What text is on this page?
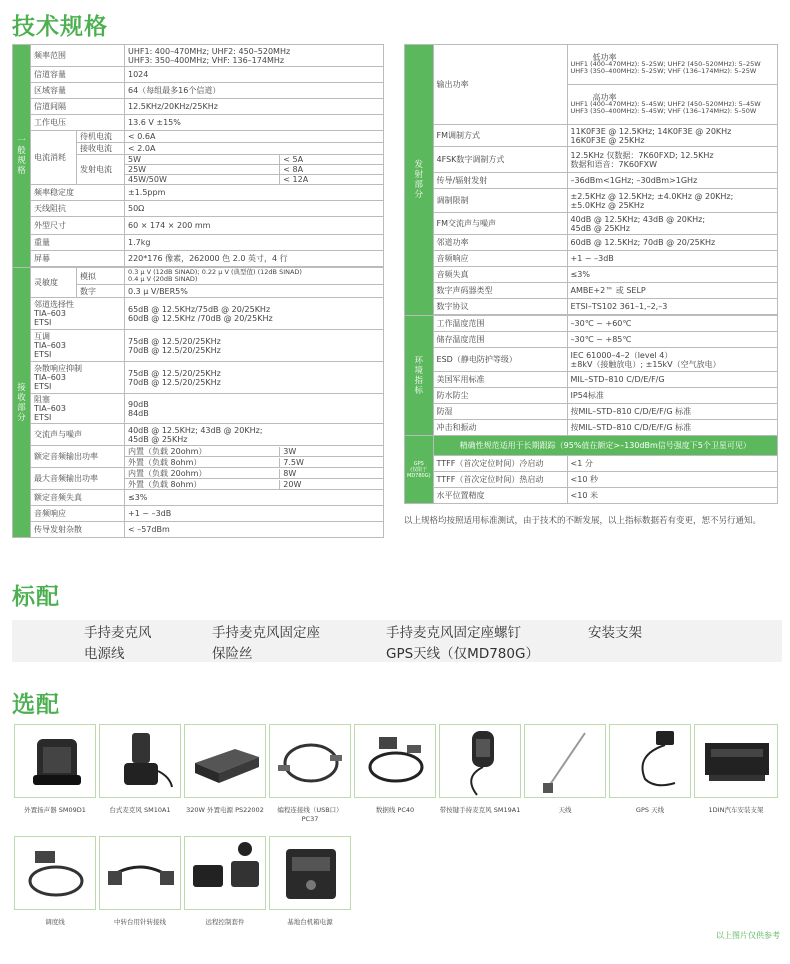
技术规格
一
般
规
格	频率范围	UHF1: 400–470MHz; UHF2: 450–520MHz
UHF3: 350–400MHz; VHF: 136–174MHz
信道容量	1024
区域容量	64（每组最多16个信道）
信道间隔	12.5KHz/20KHz/25KHz
工作电压	13.6 V ±15%
电流消耗	待机电流	< 0.6A
接收电流	< 2.0A
发射电流	
5W	< 5A

25W	< 8A

45W/50W	< 12A

频率稳定度	±1.5ppm
天线阻抗	50Ω
外型尺寸	60 × 174 × 200 mm
重量	1.7kg
屏幕	220*176 像素，262000 色 2.0 英寸，4 行

接
收
部
分	灵敏度	模拟	0.3 μ V (12dB SINAD); 0.22 μ V (典型值) (12dB SINAD)
0.4 μ V (20dB SINAD)
数字	0.3 μ V/BER5%
邻道选择性
TIA–603
ETSI	65dB @ 12.5KHz/75dB @ 20/25KHz
60dB @ 12.5KHz /70dB @ 20/25KHz
互调
TIA–603
ETSI	75dB @ 12.5/20/25KHz
70dB @ 12.5/20/25KHz
杂散响应抑制
TIA–603
ETSI	75dB @ 12.5/20/25KHz
70dB @ 12.5/20/25KHz
阻塞
TIA–603
ETSI	90dB
84dB
交流声与噪声	40dB @ 12.5KHz; 43dB @ 20KHz;
45dB @ 25KHz
额定音频输出功率	
内置（负载 20ohm）	3W

外置（负载 8ohm）	7.5W

最大音频输出功率	
内置（负载 20ohm）	8W

外置（负载 8ohm）	20W

额定音频失真	≤3%
音频响应	+1 ~ –3dB
传导发射杂散	< –57dBm
发
射
部
分	输出功率	低功率
UHF1 (400–470MHz): 5–25W; UHF2 (450–520MHz): 5–25W
UHF3 (350–400MHz): 5–25W; VHF (136–174MHz): 5–25W

		高功率
UHF1 (400–470MHz): 5–45W; UHF2 (450–520MHz): 5–45W
UHF3 (350–400MHz): 5–45W; VHF (136–174MHz): 5–50W
	FM调制方式	11K0F3E @ 12.5KHz; 14K0F3E @ 20KHz
16K0F3E @ 25KHz
	4FSK数字调制方式	12.5KHz 仅数据：7K60FXD; 12.5KHz
数据和语音：7K60FXW
	传导/辐射发射	–36dBm<1GHz; –30dBm>1GHz
	调制限制	±2.5KHz @ 12.5KHz; ±4.0KHz @ 20KHz;
±5.0KHz @ 25KHz
	FM交流声与噪声	40dB @ 12.5KHz; 43dB @ 20KHz;
45dB @ 25KHz
	邻道功率	60dB @ 12.5KHz; 70dB @ 20/25KHz
	音频响应	+1 ~ –3dB
	音频失真	≤3%
	数字声码器类型	AMBE+2™ 或 SELP
	数字协议	ETSI–TS102 361–1,–2,–3

环
境
指
标	工作温度范围	–30℃ ~ +60℃
	储存温度范围	–30℃ ~ +85℃
	ESD（静电防护等级）	IEC 61000–4–2（level 4）
±8kV（接触放电）; ±15kV（空气放电）
	美国军用标准	MIL–STD–810 C/D/E/F/G
	防水防尘	IP54标准
	防湿	按MIL–STD–810 C/D/E/F/G 标准
	冲击和振动	按MIL–STD–810 C/D/E/F/G 标准
GPS
(仅限于MD780G)	精确性规范适用于长期跟踪（95%值在额定>–130dBm信号强度下5个卫星可见）	
	TTFF（首次定位时间）冷启动	<1 分
	TTFF（首次定位时间）热启动	<10 秒
	水平位置精度	<10 米
以上规格均按照适用标准测试，由于技术的不断发展，以上指标数据若有变更，恕不另行通知。
标配
手持麦克风	手持麦克风固定座	手持麦克风固定座螺钉	安装支架
电源线	保险丝	GPS天线（仅MD780G）
选配
外置扬声器 SM09D1	台式麦克风 SM10A1	320W 外置电源 PS22002	编程连接线（USB口） PC37
数据线 PC40	带按键手持麦克风 SM19A1	天线	GPS 天线	1DIN汽车安装支架
调度线	中转台用针转接线	远程控制套件	基地台机箱电源
以上图片仅供参考
